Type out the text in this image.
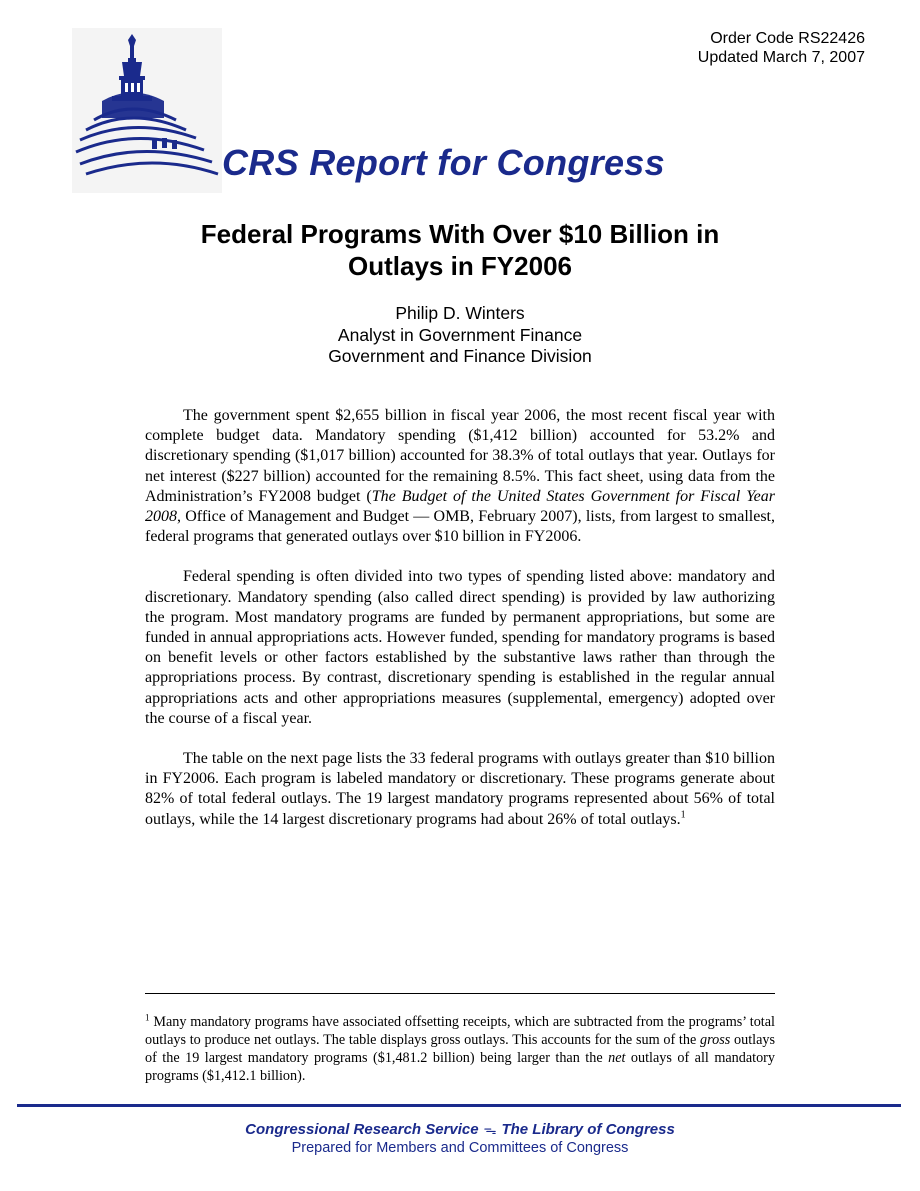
Order Code RS22426
Updated March 7, 2007
CRS Report for Congress
Federal Programs With Over $10 Billion in
Outlays in FY2006
Philip D. Winters
Analyst in Government Finance
Government and Finance Division

The government spent $2,655 billion in fiscal year 2006, the most recent fiscal year with complete budget data. Mandatory spending ($1,412 billion) accounted for 53.2% and discretionary spending ($1,017 billion) accounted for 38.3% of total outlays that year. Outlays for net interest ($227 billion) accounted for the remaining 8.5%. This fact sheet, using data from the Administration’s FY2008 budget (The Budget of the United States Government for Fiscal Year 2008, Office of Management and Budget — OMB, February 2007), lists, from largest to smallest, federal programs that generated outlays over $10 billion in FY2006.

Federal spending is often divided into two types of spending listed above: mandatory and discretionary. Mandatory spending (also called direct spending) is provided by law authorizing the program. Most mandatory programs are funded by permanent appropriations, but some are funded in annual appropriations acts. However funded, spending for mandatory programs is based on benefit levels or other factors established by the substantive laws rather than through the appropriations process. By contrast, discretionary spending is established in the regular annual appropriations acts and other appropriations measures (supplemental, emergency) adopted over the course of a fiscal year.

The table on the next page lists the 33 federal programs with outlays greater than $10 billion in FY2006. Each program is labeled mandatory or discretionary. These programs generate about 82% of total federal outlays. The 19 largest mandatory programs represented about 56% of total outlays, while the 14 largest discretionary programs had about 26% of total outlays.$^1$

$^1$ Many mandatory programs have associated offsetting receipts, which are subtracted from the programs’ total outlays to produce net outlays. The table displays gross outlays. This accounts for the sum of the gross outlays of the 19 largest mandatory programs ($1,481.2 billion) being larger than the net outlays of all mandatory programs ($1,412.1 billion).
Congressional Research Service ᯓ The Library of Congress
Prepared for Members and Committees of Congress
